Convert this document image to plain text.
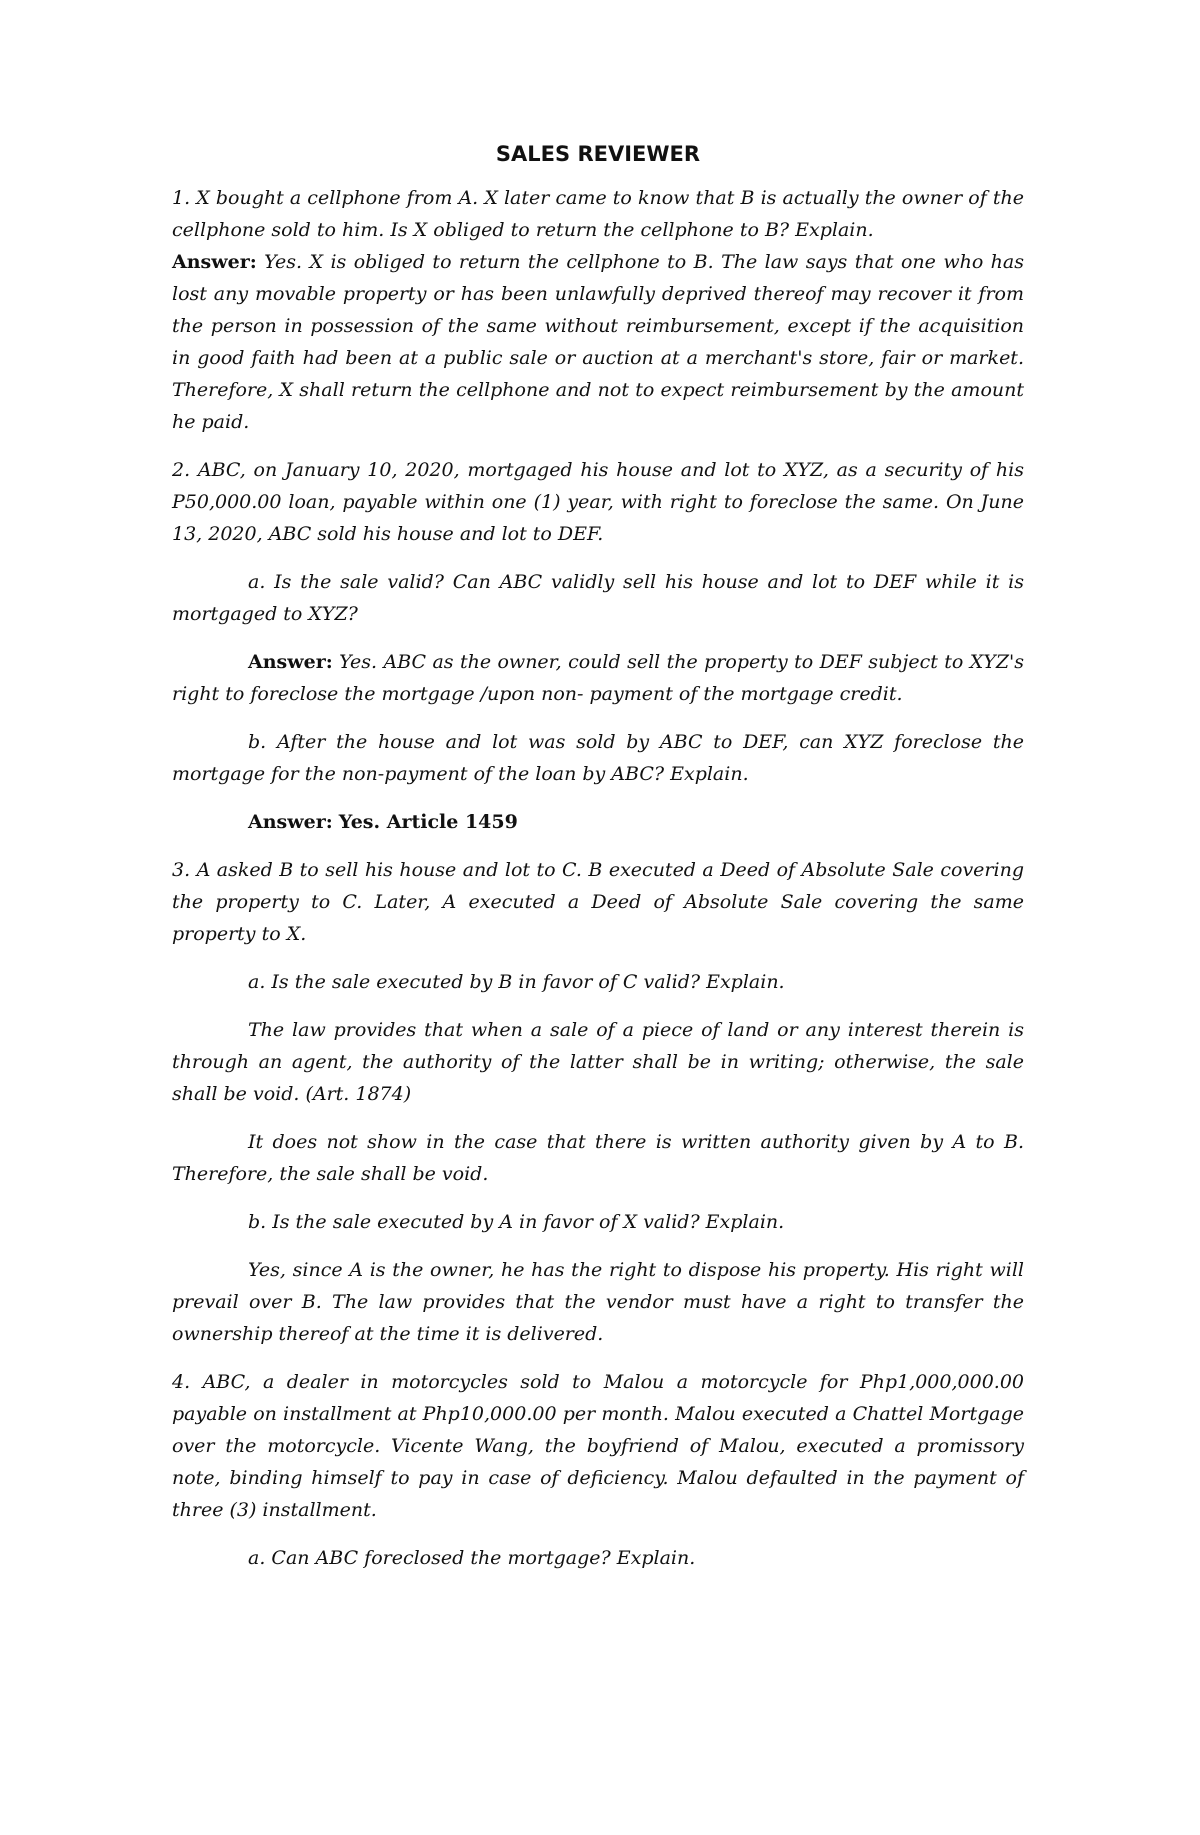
SALES REVIEWER

1. X bought a cellphone from A. X later came to know that B is actually the owner of the cellphone sold to him. Is X obliged to return the cellphone to B? Explain.

Answer: Yes. X is obliged to return the cellphone to B. The law says that one who has lost any movable property or has been unlawfully deprived thereof may recover it from the person in possession of the same without reimbursement, except if the acquisition in good faith had been at a public sale or auction at a merchant's store, fair or market. Therefore, X shall return the cellphone and not to expect reimbursement by the amount he paid.

2. ABC, on January 10, 2020, mortgaged his house and lot to XYZ, as a security of his P50,000.00 loan, payable within one (1) year, with right to foreclose the same. On June 13, 2020, ABC sold his house and lot to DEF.

a. Is the sale valid? Can ABC validly sell his house and lot to DEF while it is mortgaged to XYZ?

Answer: Yes. ABC as the owner, could sell the property to DEF subject to XYZ's right to foreclose the mortgage /upon non- payment of the mortgage credit.

b. After the house and lot was sold by ABC to DEF, can XYZ foreclose the mortgage for the non-payment of the loan by ABC? Explain.

Answer: Yes. Article 1459

3. A asked B to sell his house and lot to C. B executed a Deed of Absolute Sale covering the property to C. Later, A executed a Deed of Absolute Sale covering the same property to X.

a. Is the sale executed by B in favor of C valid? Explain.

The law provides that when a sale of a piece of land or any interest therein is through an agent, the authority of the latter shall be in writing; otherwise, the sale shall be void. (Art. 1874)

It does not show in the case that there is written authority given by A to B. Therefore, the sale shall be void.

b. Is the sale executed by A in favor of X valid? Explain.

Yes, since A is the owner, he has the right to dispose his property. His right will prevail over B. The law provides that the vendor must have a right to transfer the ownership thereof at the time it is delivered.

4. ABC, a dealer in motorcycles sold to Malou a motorcycle for Php1,000,000.00 payable on installment at Php10,000.00 per month. Malou executed a Chattel Mortgage over the motorcycle. Vicente Wang, the boyfriend of Malou, executed a promissory note, binding himself to pay in case of deficiency. Malou defaulted in the payment of three (3) installment.

a. Can ABC foreclosed the mortgage? Explain.
